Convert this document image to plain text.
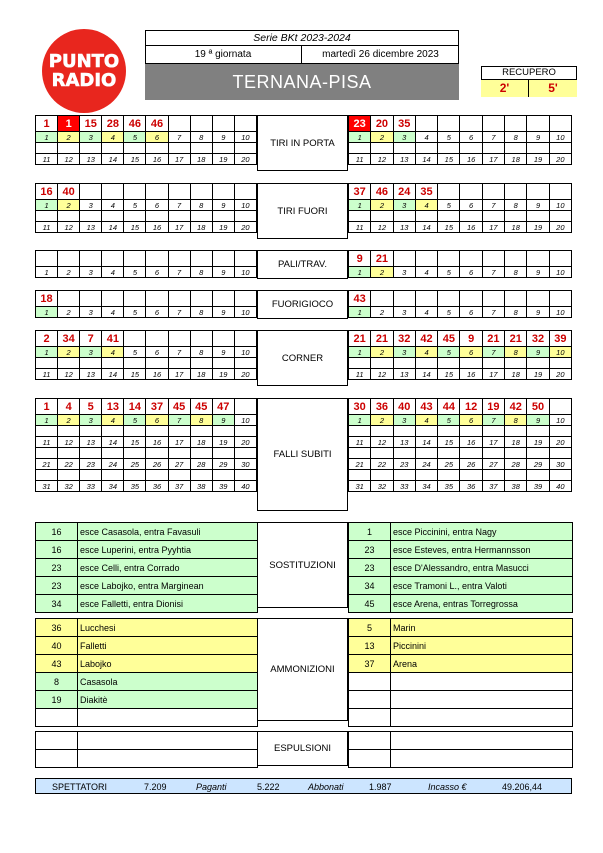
PUNTO
RADIO
Serie BKt 2023-2024
19 ª giornata	martedì 26 dicembre 2023
TERNANA-PISA	RECUPERO
2'	5'
1	1	15	28	46	46				
1	2	3	4	5	6	7	8	9	10

11	12	13	14	15	16	17	18	19	20
23	20	35							
1	2	3	4	5	6	7	8	9	10

11	12	13	14	15	16	17	18	19	20
16	40								
1	2	3	4	5	6	7	8	9	10

11	12	13	14	15	16	17	18	19	20
37	46	24	35						
1	2	3	4	5	6	7	8	9	10

11	12	13	14	15	16	17	18	19	20

1	2	3	4	5	6	7	8	9	10
9	21								
1	2	3	4	5	6	7	8	9	10
18									
1	2	3	4	5	6	7	8	9	10
43									
1	2	3	4	5	6	7	8	9	10
2	34	7	41						
1	2	3	4	5	6	7	8	9	10

11	12	13	14	15	16	17	18	19	20
21	21	32	42	45	9	21	21	32	39
1	2	3	4	5	6	7	8	9	10

11	12	13	14	15	16	17	18	19	20
1	4	5	13	14	37	45	45	47	
1	2	3	4	5	6	7	8	9	10

11	12	13	14	15	16	17	18	19	20

21	22	23	24	25	26	27	28	29	30

31	32	33	34	35	36	37	38	39	40
30	36	40	43	44	12	19	42	50	
1	2	3	4	5	6	7	8	9	10

11	12	13	14	15	16	17	18	19	20

21	22	23	24	25	26	27	28	29	30

31	32	33	34	35	36	37	38	39	40
TIRI IN PORTA
TIRI FUORI
PALI/TRAV.
FUORIGIOCO
CORNER
FALLI SUBITI
16	esce Casasola, entra Favasuli
16	esce Luperini, entra Pyyhtia
23	esce Celli, entra Corrado
23	esce Labojko, entra Marginean
34	esce Falletti, entra Dionisi
SOSTITUZIONI
1	esce Piccinini, entra Nagy
23	esce Esteves, entra Hermannsson
23	esce D'Alessandro, entra Masucci
34	esce Tramoni L., entra Valoti
45	esce Arena, entras Torregrossa
36	Lucchesi
40	Falletti
43	Labojko
8	Casasola
19	Diakitè

AMMONIZIONI
5	Marin
13	Piccinini
37	Arena

ESPULSIONI

SPETTATORI	7.209	Paganti	5.222	Abbonati	1.987	Incasso €	49.206,44
